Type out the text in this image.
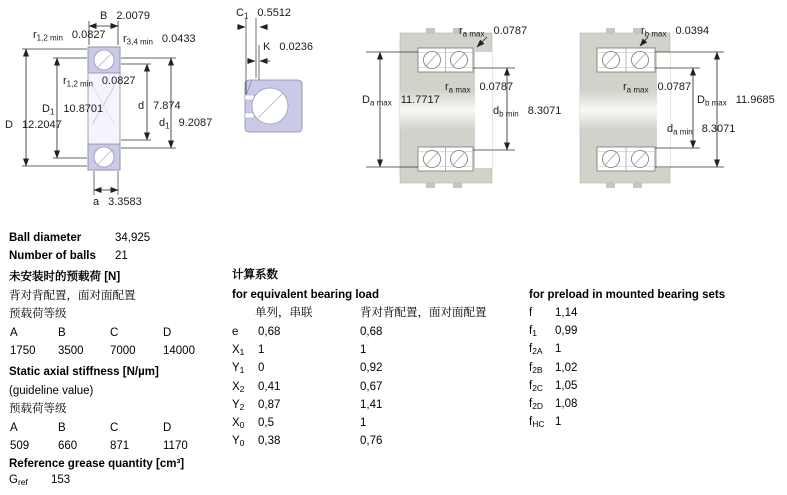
B 2.0079
$r_{1,2 min}$ 0.0827 $r_{3,4 min}$ 0.0433
$r_{1,2 min}$ 0.0827
$D_1$ 10.8701
D 12.2047
d 7.874
$d_1$ 9.2087
a 3.3583
$C_1$ 0.5512
K 0.0236
$r_{a max}$ 0.0787
$D_{a max}$ 11.7717
$r_{a max}$ 0.0787
$d_{b min}$ 8.3071
$r_{b max}$ 0.0394
$r_{a max}$ 0.0787
$D_{b max}$ 11.9685
$d_{a min}$ 8.3071
Ball diameter	34,925
Number of balls 21
未安装时的预载荷 [N]
背对背配置，面对面配置
预载荷等级
A	B	C	D
1750 3500 7000 14000
Static axial stiffness [N/µm]
(guideline value)
预载荷等级
A	B	C	D
509	660	871	1170
Reference grease quantity [cm³]
$G_{ref}$ 153
计算系数
for equivalent bearing load
单列，串联	背对背配置，面对面配置
e 0,68	0,68
$X_1$ 1	1
$Y_1$ 0	0,92
$X_2$ 0,41	0,67
$Y_2$ 0,87	1,41
$X_0$ 0,5	1
$Y_0$ 0,38	0,76
for preload in mounted bearing sets
f 1,14
$f_1$ 0,99
$f_{2A}$ 1
$f_{2B}$ 1,02
$f_{2C}$ 1,05
$f_{2D}$ 1,08
$f_{HC}$ 1
